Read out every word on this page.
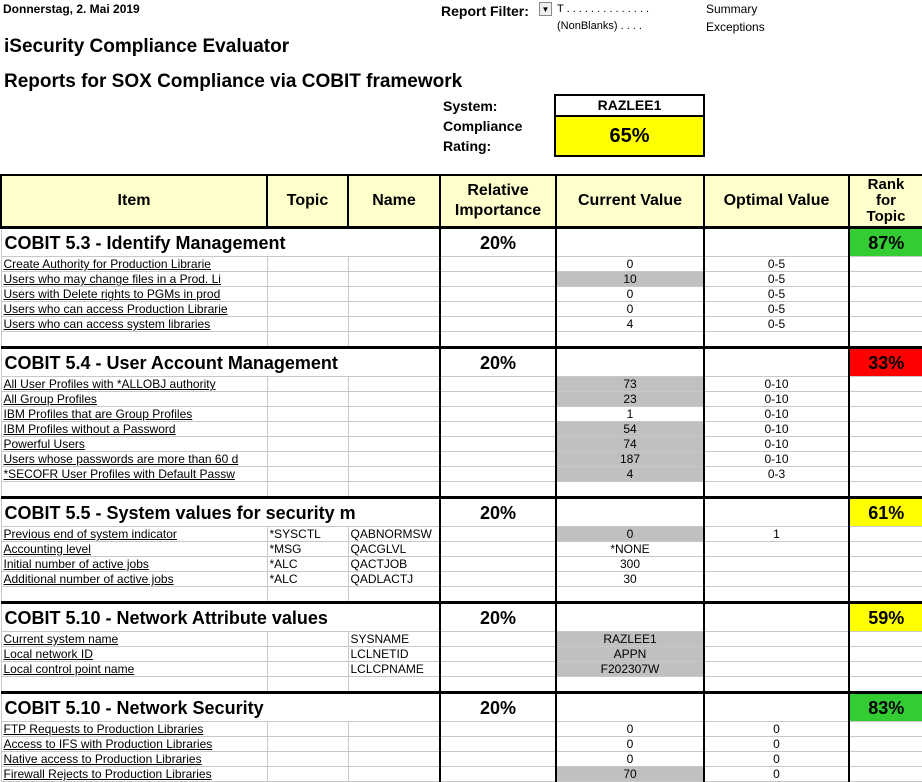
Donnerstag, 2. Mai 2019	Report Filter:	▼ T . . . . . . . . . . . . . .
(NonBlanks) . . . .
Summary
Exceptions
iSecurity Compliance Evaluator
Reports for SOX Compliance via COBIT framework
System:	RAZLEE1
Compliance
Rating:	65%
Item	Topic	Name	Relative
Importance	Current Value	Optimal Value	Rank
for
Topic
COBIT 5.3 - Identify Management			20%			87%
Create Authority for Production Librarie				0	0-5	
Users who may change files in a Prod. Li				10	0-5	
Users with Delete rights to PGMs in prod				0	0-5	
Users who can access Production Librarie				0	0-5	
Users who can access system libraries				4	0-5	

COBIT 5.4 - User Account Management			20%			33%
All User Profiles with *ALLOBJ authority				73	0-10	
All Group Profiles				23	0-10	
IBM Profiles that are Group Profiles				1	0-10	
IBM Profiles without a Password				54	0-10	
Powerful Users				74	0-10	
Users whose passwords are more than 60 d				187	0-10	
*SECOFR User Profiles with Default Passw				4	0-3	

COBIT 5.5 - System values for security m			20%			61%
Previous end of system indicator	*SYSCTL	QABNORMSW		0	1	
Accounting level	*MSG	QACGLVL		*NONE		
Initial number of active jobs	*ALC	QACTJOB		300		
Additional number of active jobs	*ALC	QADLACTJ		30		

COBIT 5.10 - Network Attribute values			20%			59%
Current system name		SYSNAME		RAZLEE1		
Local network ID		LCLNETID		APPN		
Local control point name		LCLCPNAME		F202307W		

COBIT 5.10 - Network Security			20%			83%
FTP Requests to Production Libraries				0	0	
Access to IFS with Production Libraries				0	0	
Native access to Production Libraries				0	0	
Firewall Rejects to Production Libraries				70	0	
